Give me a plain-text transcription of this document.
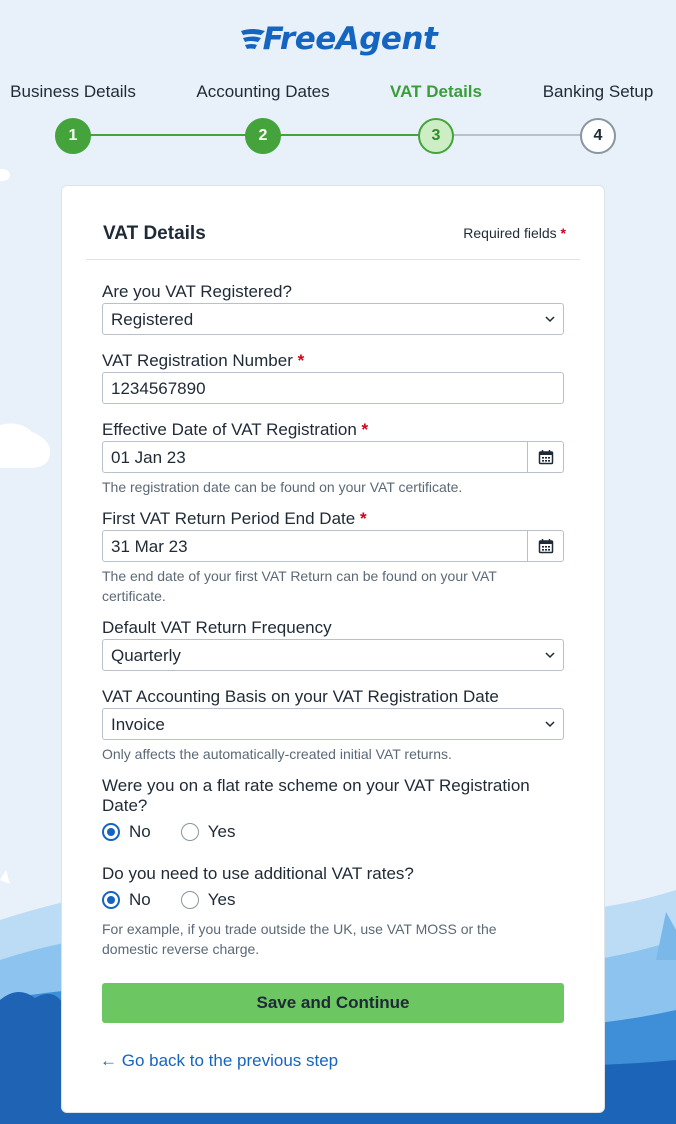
FreeAgent
Business Details	Accounting Dates	VAT Details	Banking Setup
1	2	3	4
VAT Details	Required fields *
Are you VAT Registered?
Registered
VAT Registration Number *
1234567890
Effective Date of VAT Registration *
01 Jan 23
The registration date can be found on your VAT certificate.
First VAT Return Period End Date *
31 Mar 23
The end date of your first VAT Return can be found on your VAT certificate.
Default VAT Return Frequency
Quarterly
VAT Accounting Basis on your VAT Registration Date
Invoice
Only affects the automatically-created initial VAT returns.
Were you on a flat rate scheme on your VAT Registration Date?
No	Yes
Do you need to use additional VAT rates?
No	Yes
For example, if you trade outside the UK, use VAT MOSS or the domestic reverse charge.
Save and Continue
← Go back to the previous step
